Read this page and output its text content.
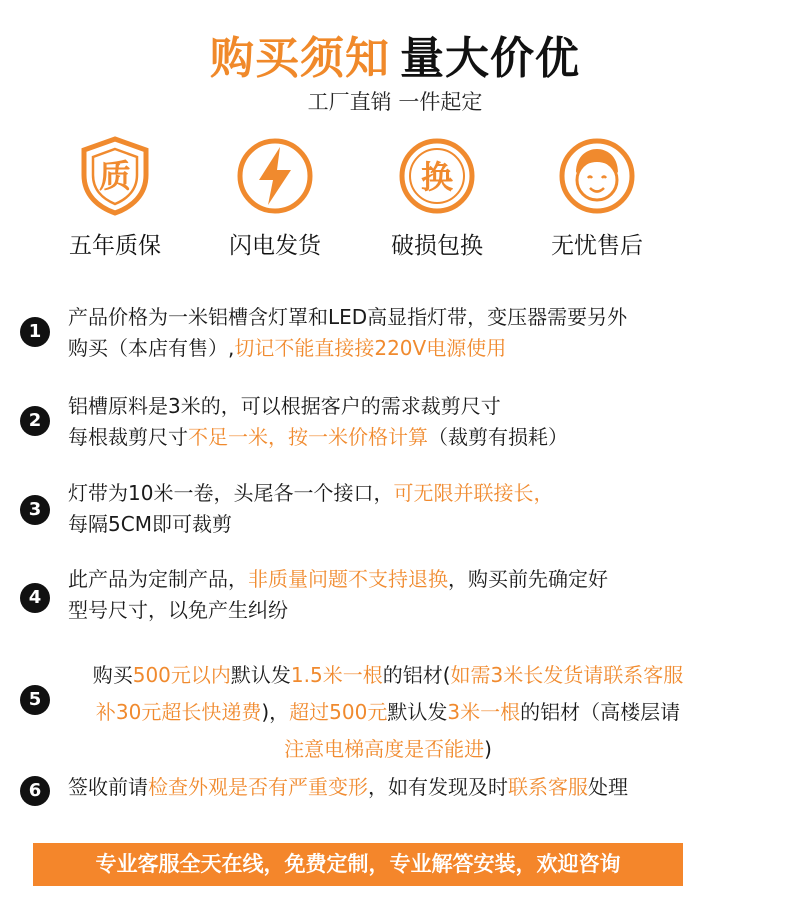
购买须知 量大价优
工厂直销 一件起定
质
五年质保	闪电发货
换
破损包换	无忧售后
1
产品价格为一米铝槽含灯罩和LED高显指灯带，变压器需要另外
购买（本店有售）,切记不能直接接220V电源使用
2
铝槽原料是3米的，可以根据客户的需求裁剪尺寸
每根裁剪尺寸不足一米，按一米价格计算（裁剪有损耗）
3
灯带为10米一卷，头尾各一个接口，可无限并联接长，
每隔5CM即可裁剪
4
此产品为定制产品，非质量问题不支持退换，购买前先确定好
型号尺寸，以免产生纠纷
5
购买500元以内默认发1.5米一根的铝材(如需3米长发货请联系客服
补30元超长快递费)，超过500元默认发3米一根的铝材（高楼层请
注意电梯高度是否能进)
6	签收前请检查外观是否有严重变形，如有发现及时联系客服处理
专业客服全天在线，免费定制，专业解答安装，欢迎咨询
